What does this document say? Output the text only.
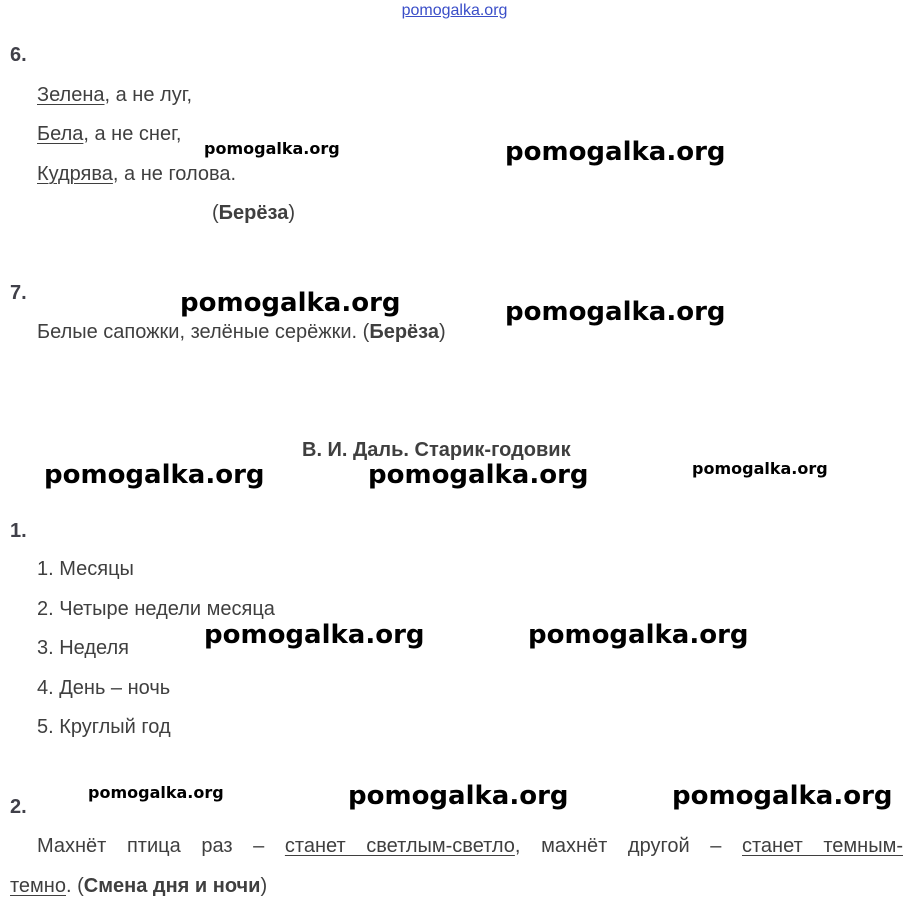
pomogalka.org
6.
Зелена, а не луг,
Бела, а не снег,
Кудрява, а не голова.
(Берёза)
7.
Белые сапожки, зелёные серёжки. (Берёза)
В. И. Даль. Старик-годовик
1.
1. Месяцы
2. Четыре недели месяца
3. Неделя
4. День – ночь
5. Круглый год
2.
Махнёт птица раз – станет светлым-светло, махнёт другой – станет темным-
темно. (Смена дня и ночи)
pomogalka.org	pomogalka.org
pomogalka.org	pomogalka.org
pomogalka.org	pomogalka.org	pomogalka.org
pomogalka.org	pomogalka.org
pomogalka.org	pomogalka.org	pomogalka.org
